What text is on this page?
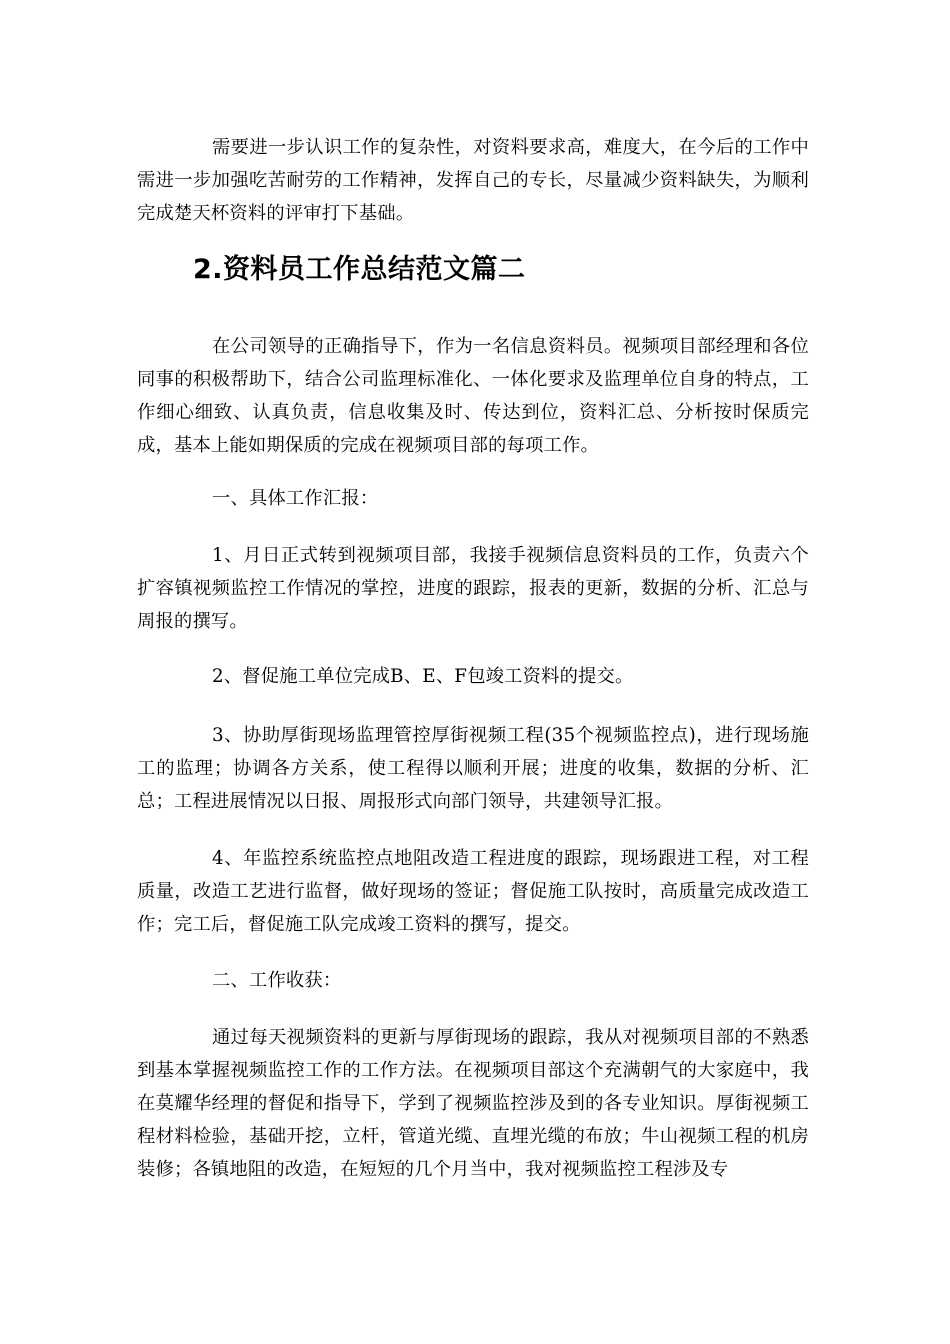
需要进一步认识工作的复杂性，对资料要求高，难度大，在今后的工作中需进一步加强吃苦耐劳的工作精神，发挥自己的专长，尽量减少资料缺失，为顺利完成楚天杯资料的评审打下基础。

2.资料员工作总结范文篇二

在公司领导的正确指导下，作为一名信息资料员。视频项目部经理和各位同事的积极帮助下，结合公司监理标准化、一体化要求及监理单位自身的特点，工作细心细致、认真负责，信息收集及时、传达到位，资料汇总、分析按时保质完成，基本上能如期保质的完成在视频项目部的每项工作。

一、具体工作汇报：

1、月日正式转到视频项目部，我接手视频信息资料员的工作，负责六个扩容镇视频监控工作情况的掌控，进度的跟踪，报表的更新，数据的分析、汇总与周报的撰写。

2、督促施工单位完成B、E、F包竣工资料的提交。

3、协助厚街现场监理管控厚街视频工程(35个视频监控点)，进行现场施工的监理；协调各方关系，使工程得以顺利开展；进度的收集，数据的分析、汇总；工程进展情况以日报、周报形式向部门领导，共建领导汇报。

4、年监控系统监控点地阻改造工程进度的跟踪，现场跟进工程，对工程质量，改造工艺进行监督，做好现场的签证；督促施工队按时，高质量完成改造工作；完工后，督促施工队完成竣工资料的撰写，提交。

二、工作收获：

通过每天视频资料的更新与厚街现场的跟踪，我从对视频项目部的不熟悉到基本掌握视频监控工作的工作方法。在视频项目部这个充满朝气的大家庭中，我在莫耀华经理的督促和指导下，学到了视频监控涉及到的各专业知识。厚街视频工程材料检验，基础开挖，立杆，管道光缆、直埋光缆的布放；牛山视频工程的机房装修；各镇地阻的改造，在短短的几个月当中，我对视频监控工程涉及专
